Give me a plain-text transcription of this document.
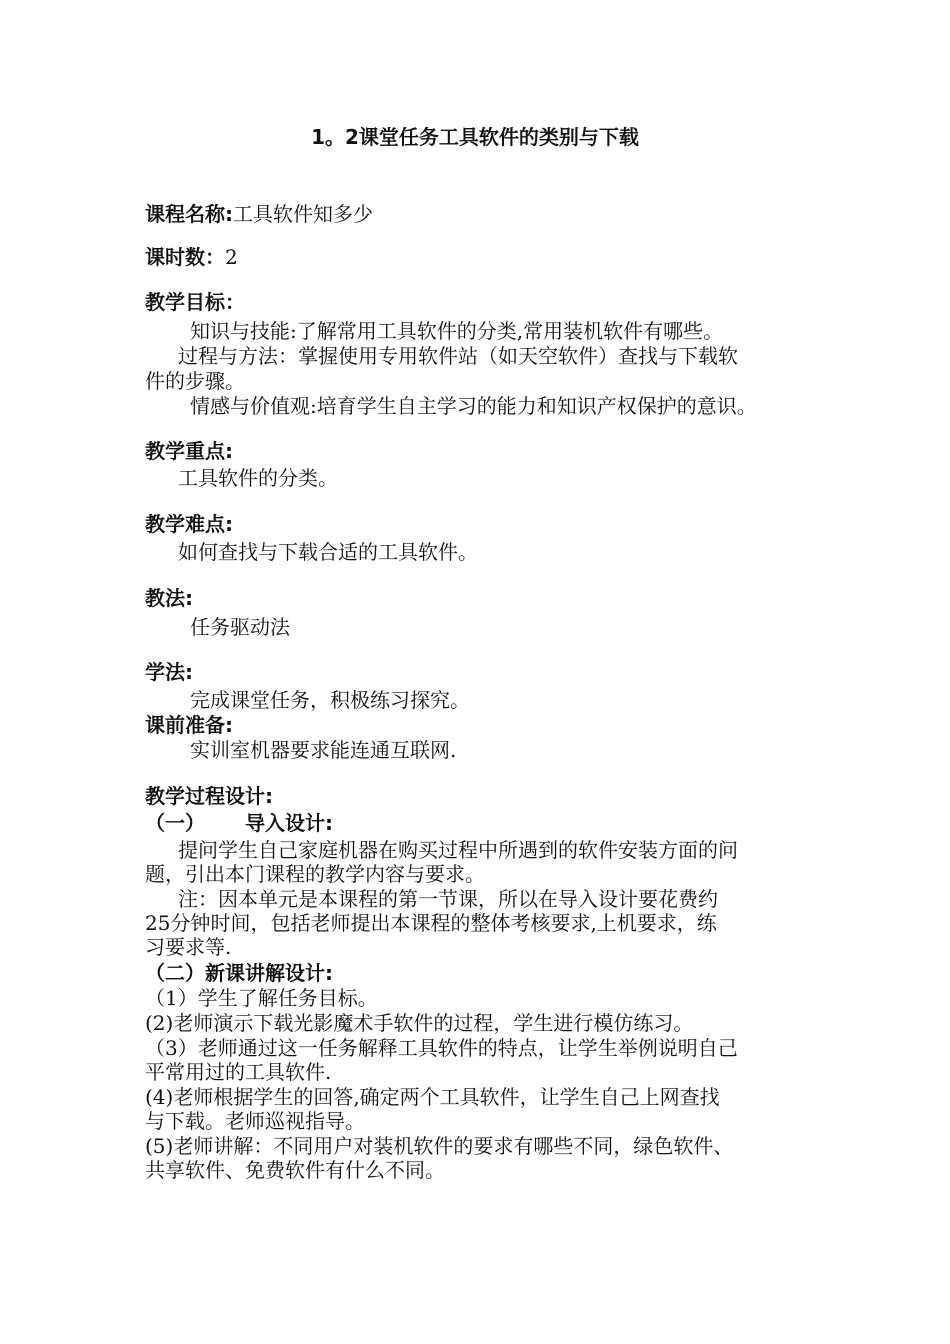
1。2课堂任务工具软件的类别与下载
课程名称:工具软件知多少
课时数：2
教学目标：
知识与技能:了解常用工具软件的分类,常用装机软件有哪些。
过程与方法：掌握使用专用软件站（如天空软件）查找与下载软
件的步骤。
情感与价值观:培育学生自主学习的能力和知识产权保护的意识。
教学重点:
工具软件的分类。
教学难点:
如何查找与下载合适的工具软件。
教法:
任务驱动法
学法:
完成课堂任务，积极练习探究。
课前准备:
实训室机器要求能连通互联网.
教学过程设计:
（一） 导入设计:
提问学生自己家庭机器在购买过程中所遇到的软件安装方面的问
题，引出本门课程的教学内容与要求。
注：因本单元是本课程的第一节课，所以在导入设计要花费约
25分钟时间，包括老师提出本课程的整体考核要求,上机要求，练
习要求等.
（二）新课讲解设计:
（1）学生了解任务目标。
(2)老师演示下载光影魔术手软件的过程，学生进行模仿练习。
（3）老师通过这一任务解释工具软件的特点，让学生举例说明自己
平常用过的工具软件.
(4)老师根据学生的回答,确定两个工具软件，让学生自己上网查找
与下载。老师巡视指导。
(5)老师讲解：不同用户对装机软件的要求有哪些不同，绿色软件、
共享软件、免费软件有什么不同。
